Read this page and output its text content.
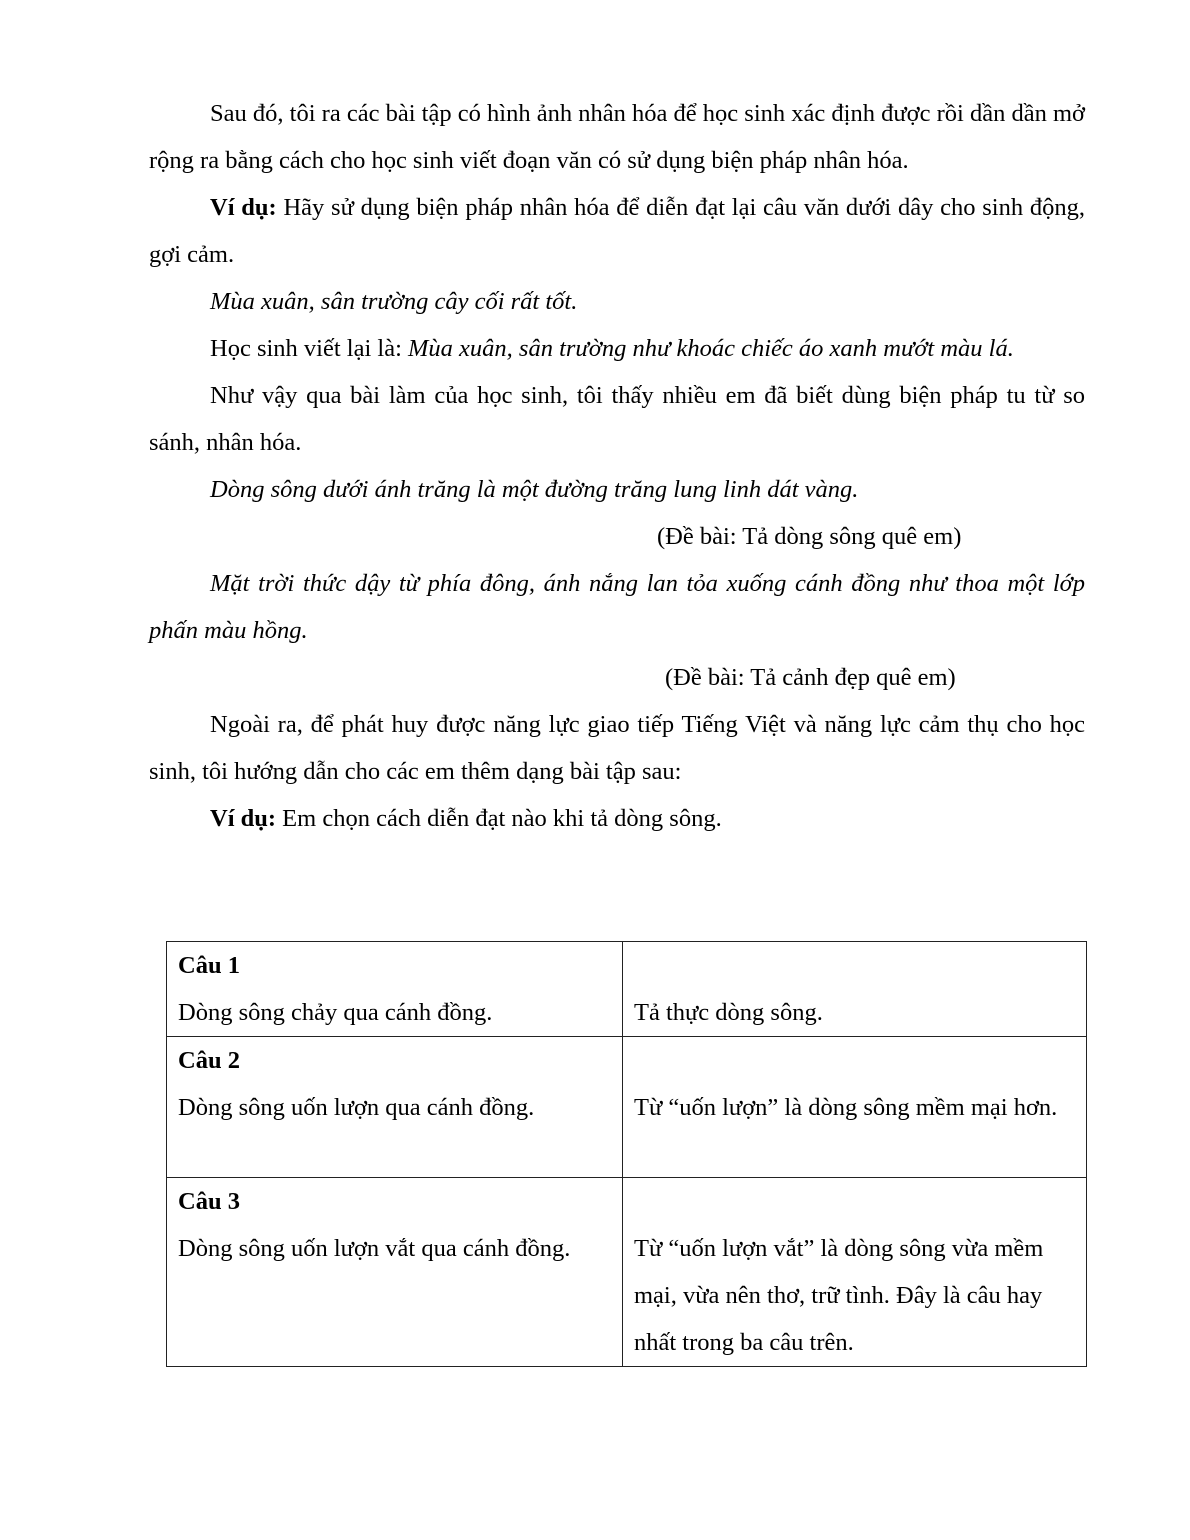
Sau đó, tôi ra các bài tập có hình ảnh nhân hóa để học sinh xác định được rồi dần dần mở rộng ra bằng cách cho học sinh viết đoạn văn có sử dụng biện pháp nhân hóa.

Ví dụ: Hãy sử dụng biện pháp nhân hóa để diễn đạt lại câu văn dưới dây cho sinh động, gợi cảm.

Mùa xuân, sân trường cây cối rất tốt.

Học sinh viết lại là: Mùa xuân, sân trường như khoác chiếc áo xanh mướt màu lá.

Như vậy qua bài làm của học sinh, tôi thấy nhiều em đã biết dùng biện pháp tu từ so sánh, nhân hóa.

Dòng sông dưới ánh trăng là một đường trăng lung linh dát vàng.

(Đề bài: Tả dòng sông quê em)

Mặt trời thức dậy từ phía đông, ánh nắng lan tỏa xuống cánh đồng như thoa một lớp phấn màu hồng.

(Đề bài: Tả cảnh đẹp quê em)

Ngoài ra, để phát huy được năng lực giao tiếp Tiếng Việt và năng lực cảm thụ cho học sinh, tôi hướng dẫn cho các em thêm dạng bài tập sau:

Ví dụ: Em chọn cách diễn đạt nào khi tả dòng sông.

Câu 1
Dòng sông chảy qua cánh đồng.	Tả thực dòng sông.

Câu 2
Dòng sông uốn lượn qua cánh đồng.	Từ “uốn lượn” là dòng sông mềm mại hơn.

Câu 3
Dòng sông uốn lượn vắt qua cánh đồng.	Từ “uốn lượn vắt” là dòng sông vừa mềm mại, vừa nên thơ, trữ tình. Đây là câu hay nhất trong ba câu trên.
